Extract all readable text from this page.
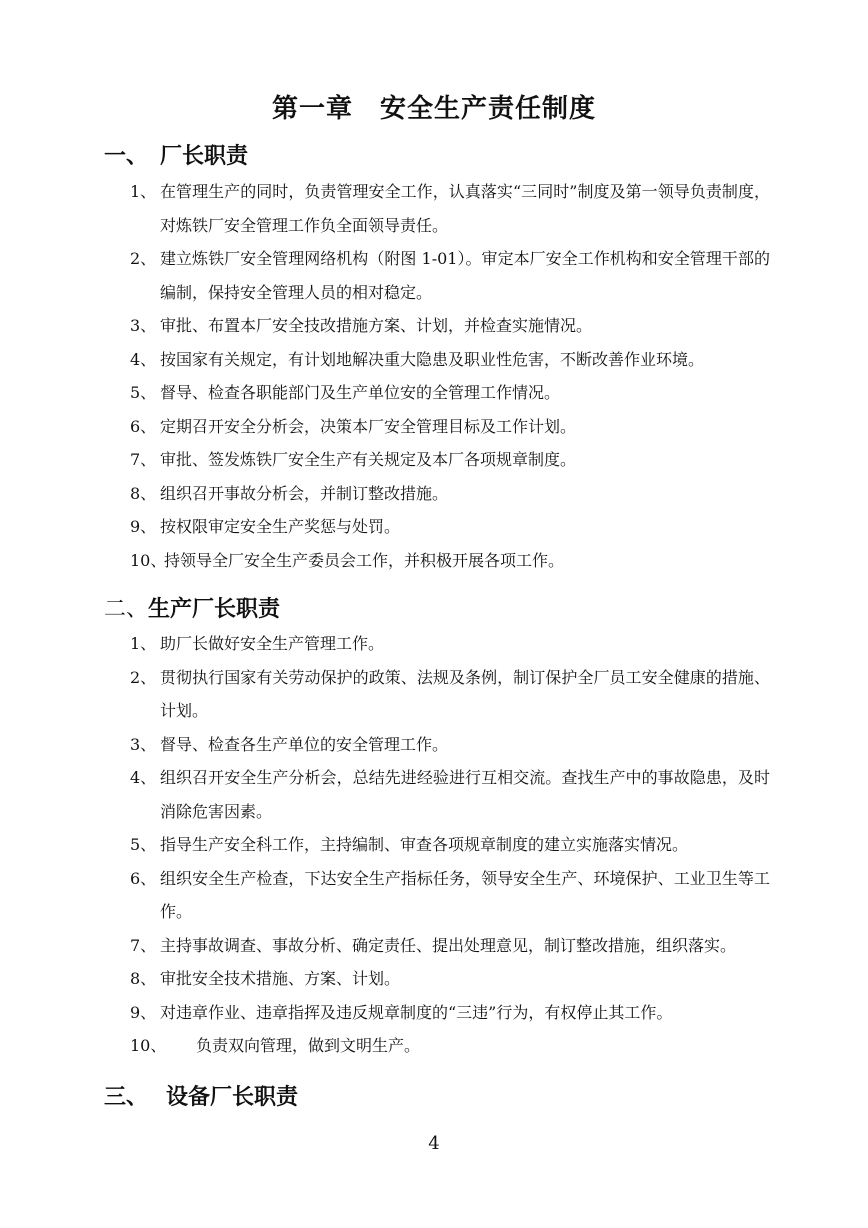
第一章　安全生产责任制度
一、 厂长职责
1、 在管理生产的同时，负责管理安全工作，认真落实“三同时”制度及第一领导负责制度，对炼铁厂安全管理工作负全面领导责任。
2、 建立炼铁厂安全管理网络机构（附图 1-01）。审定本厂安全工作机构和安全管理干部的编制，保持安全管理人员的相对稳定。
3、 审批、布置本厂安全技改措施方案、计划，并检查实施情况。
4、 按国家有关规定，有计划地解决重大隐患及职业性危害，不断改善作业环境。
5、 督导、检查各职能部门及生产单位安的全管理工作情况。
6、 定期召开安全分析会，决策本厂安全管理目标及工作计划。
7、 审批、签发炼铁厂安全生产有关规定及本厂各项规章制度。
8、 组织召开事故分析会，并制订整改措施。
9、 按权限审定安全生产奖惩与处罚。
10、
持领导全厂安全生产委员会工作，并积极开展各项工作。
二、生产厂长职责
1、 助厂长做好安全生产管理工作。
2、 贯彻执行国家有关劳动保护的政策、法规及条例，制订保护全厂员工安全健康的措施、计划。
3、 督导、检查各生产单位的安全管理工作。
4、 组织召开安全生产分析会，总结先进经验进行互相交流。查找生产中的事故隐患，及时消除危害因素。
5、 指导生产安全科工作，主持编制、审查各项规章制度的建立实施落实情况。
6、 组织安全生产检查，下达安全生产指标任务，领导安全生产、环境保护、工业卫生等工作。
7、 主持事故调查、事故分析、确定责任、提出处理意见，制订整改措施，组织落实。
8、 审批安全技术措施、方案、计划。
9、 对违章作业、违章指挥及违反规章制度的“三违”行为，有权停止其工作。
10、 负责双向管理，做到文明生产。
三、 设备厂长职责
4
